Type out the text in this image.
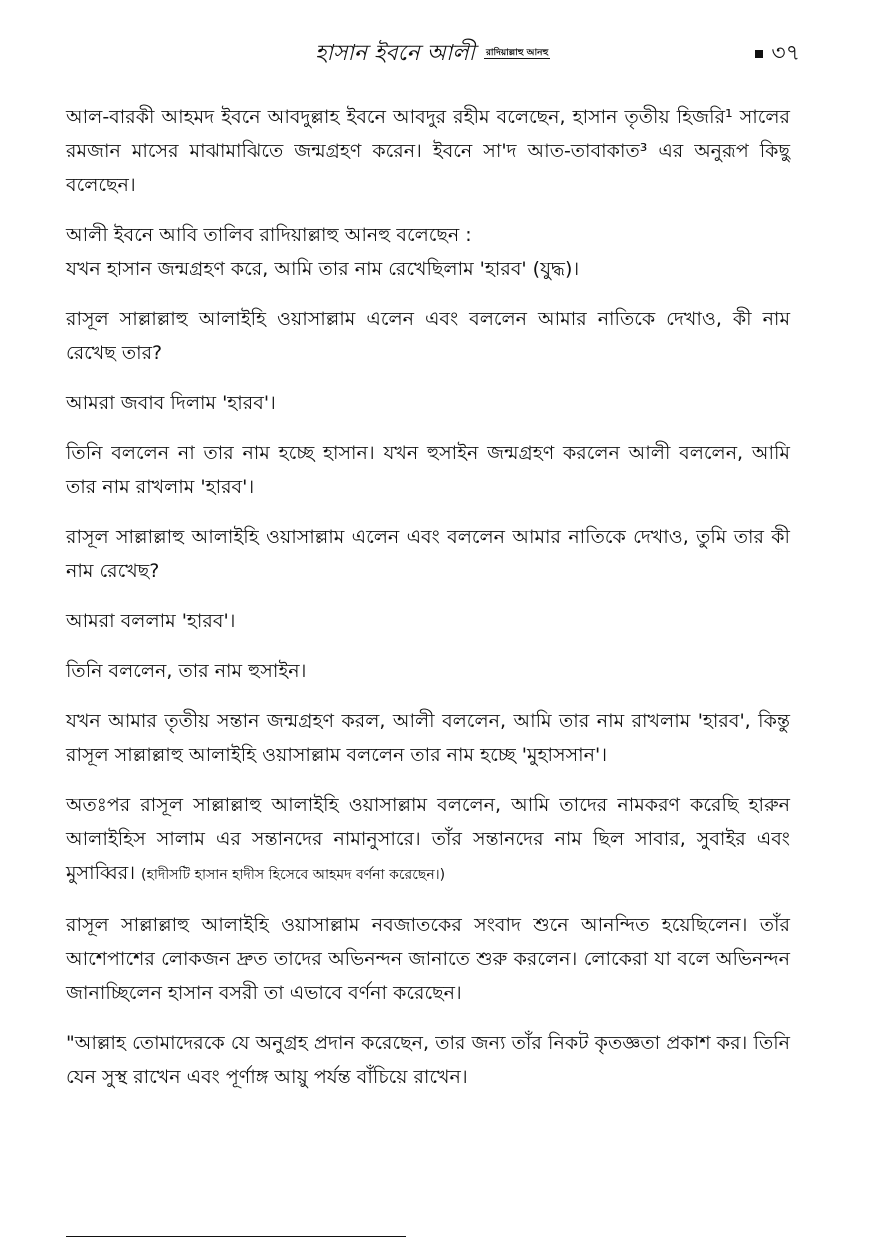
হাসান ইবনে আলী রাদিয়াল্লাহু আনহু	৩৭

আল-বারকী আহমদ ইবনে আবদুল্লাহ ইবনে আবদুর রহীম বলেছেন, হাসান তৃতীয় হিজরি¹ সালের রমজান মাসের মাঝামাঝিতে জন্মগ্রহণ করেন। ইবনে সা'দ আত-তাবাকাত³ এর অনুরূপ কিছু বলেছেন।

আলী ইবনে আবি তালিব রাদিয়াল্লাহু আনহু বলেছেন :

যখন হাসান জন্মগ্রহণ করে, আমি তার নাম রেখেছিলাম 'হারব' (যুদ্ধ)।

রাসূল সাল্লাল্লাহু আলাইহি ওয়াসাল্লাম এলেন এবং বললেন আমার নাতিকে দেখাও, কী নাম রেখেছ তার?

আমরা জবাব দিলাম 'হারব'।

তিনি বললেন না তার নাম হচ্ছে হাসান। যখন হুসাইন জন্মগ্রহণ করলেন আলী বললেন, আমি তার নাম রাখলাম 'হারব'।

রাসূল সাল্লাল্লাহু আলাইহি ওয়াসাল্লাম এলেন এবং বললেন আমার নাতিকে দেখাও, তুমি তার কী নাম রেখেছ?

আমরা বললাম 'হারব'।

তিনি বললেন, তার নাম হুসাইন।

যখন আমার তৃতীয় সন্তান জন্মগ্রহণ করল, আলী বললেন, আমি তার নাম রাখলাম 'হারব', কিন্তু রাসূল সাল্লাল্লাহু আলাইহি ওয়াসাল্লাম বললেন তার নাম হচ্ছে 'মুহাসসান'।

অতঃপর রাসূল সাল্লাল্লাহু আলাইহি ওয়াসাল্লাম বললেন, আমি তাদের নামকরণ করেছি হারুন আলাইহিস সালাম এর সন্তানদের নামানুসারে। তাঁর সন্তানদের নাম ছিল সাবার, সুবাইর এবং মুসাব্বির। (হাদীসটি হাসান হাদীস হিসেবে আহমদ বর্ণনা করেছেন।)

রাসূল সাল্লাল্লাহু আলাইহি ওয়াসাল্লাম নবজাতকের সংবাদ শুনে আনন্দিত হয়েছিলেন। তাঁর আশেপাশের লোকজন দ্রুত তাদের অভিনন্দন জানাতে শুরু করলেন। লোকেরা যা বলে অভিনন্দন জানাচ্ছিলেন হাসান বসরী তা এভাবে বর্ণনা করেছেন।

"আল্লাহ তোমাদেরকে যে অনুগ্রহ প্রদান করেছেন, তার জন্য তাঁর নিকট কৃতজ্ঞতা প্রকাশ কর। তিনি যেন সুস্থ রাখেন এবং পূর্ণাঙ্গ আয়ু পর্যন্ত বাঁচিয়ে রাখেন।
